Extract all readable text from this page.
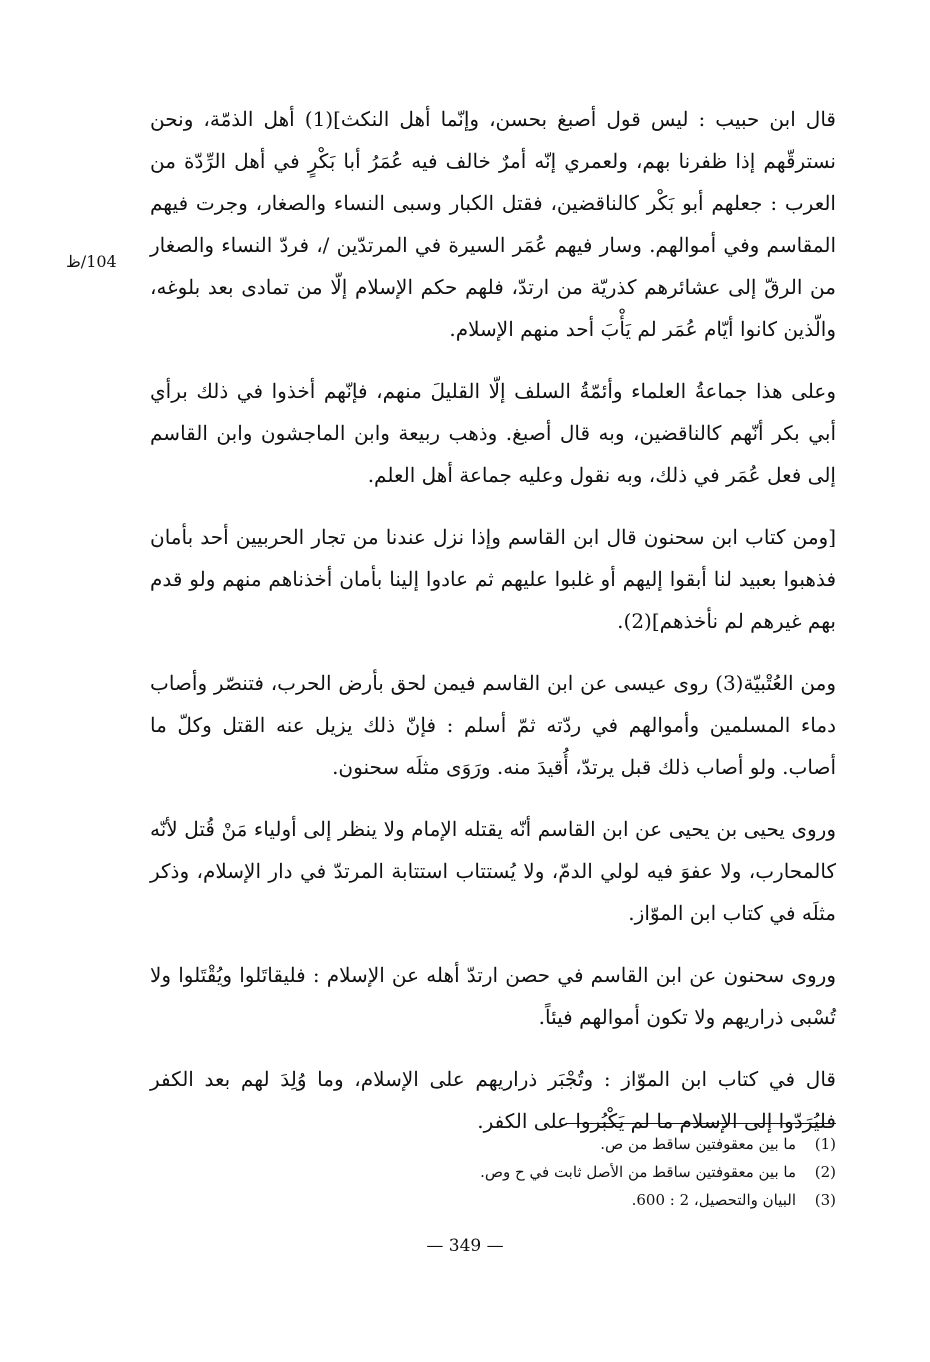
104/ظ

قال ابن حبيب : ليس قول أصبغ بحسن، وإنّما أهل النكث](1) أهل الذمّة، ونحن نسترقّهم إذا ظفرنا بهم، ولعمري إنّه أمرٌ خالف فيه عُمَرُ أبا بَكْرٍ في أهل الرِّدّة من العرب : جعلهم أبو بَكْر كالناقضين، فقتل الكبار وسبى النساء والصغار، وجرت فيهم المقاسم وفي أموالهم. وسار فيهم عُمَر السيرة في المرتدّين /، فردّ النساء والصغار من الرقّ إلى عشائرهم كذريّة من ارتدّ، فلهم حكم الإسلام إلّا من تمادى بعد بلوغه، والّذين كانوا أيّام عُمَر لم يَأْبَ أحد منهم الإسلام.

وعلى هذا جماعةُ العلماء وأئمّةُ السلف إلّا القليلَ منهم، فإنّهم أخذوا في ذلك برأي أبي بكر أنّهم كالناقضين، وبه قال أصبغ. وذهب ربيعة وابن الماجشون وابن القاسم إلى فعل عُمَر في ذلك، وبه نقول وعليه جماعة أهل العلم.

[ومن كتاب ابن سحنون قال ابن القاسم وإذا نزل عندنا من تجار الحربيين أحد بأمان فذهبوا بعبيد لنا أبقوا إليهم أو غلبوا عليهم ثم عادوا إلينا بأمان أخذناهم منهم ولو قدم بهم غيرهم لم نأخذهم](2).

ومن العُتْبيّة(3) روى عيسى عن ابن القاسم فيمن لحق بأرض الحرب، فتنصّر وأصاب دماء المسلمين وأموالهم في ردّته ثمّ أسلم : فإنّ ذلك يزيل عنه القتل وكلّ ما أصاب. ولو أصاب ذلك قبل يرتدّ، أُقيدَ منه. ورَوَى مثلَه سحنون.

وروى يحيى بن يحيى عن ابن القاسم أنّه يقتله الإمام ولا ينظر إلى أولياء مَنْ قُتل لأنّه كالمحارب، ولا عفوَ فيه لولي الدمّ، ولا يُستتاب استتابة المرتدّ في دار الإسلام، وذكر مثلَه في كتاب ابن الموّاز.

وروى سحنون عن ابن القاسم في حصن ارتدّ أهله عن الإسلام : فليقاتَلوا ويُقْتَلوا ولا تُسْبى ذراريهم ولا تكون أموالهم فيئاً.

قال في كتاب ابن الموّاز : وتُجْبَر ذراريهم على الإسلام، وما وُلِدَ لهم بعد الكفر فليُرَدّوا إلى الإسلام ما لم يَكْبُروا على الكفر.

(1)
ما بين معقوفتين ساقط من ص.
(2)
ما بين معقوفتين ساقط من الأصل ثابت في ح وص.
(3)
البيان والتحصيل، 2 : 600.
— 349 —
